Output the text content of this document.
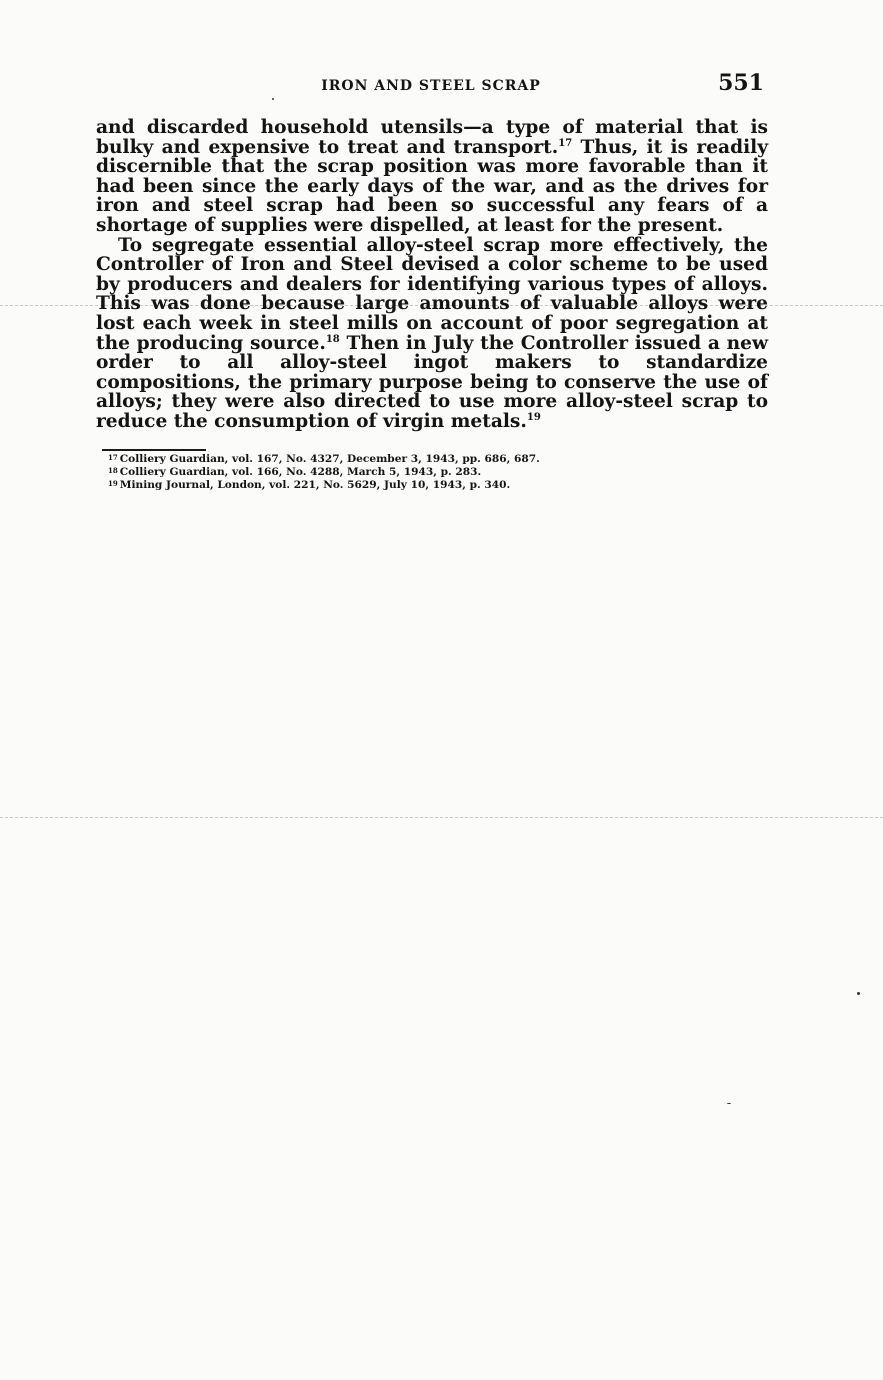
IRON AND STEEL SCRAP	551

and discarded household utensils—a type of material that is bulky and expensive to treat and transport.$^{17}$ Thus, it is readily discernible that the scrap position was more favorable than it had been since the early days of the war, and as the drives for iron and steel scrap had been so successful any fears of a shortage of supplies were dispelled, at least for the present.

To segregate essential alloy-steel scrap more effectively, the Controller of Iron and Steel devised a color scheme to be used by producers and dealers for identifying various types of alloys. This was done because large amounts of valuable alloys were lost each week in steel mills on account of poor segregation at the producing source.$^{18}$ Then in July the Controller issued a new order to all alloy-steel ingot makers to standardize compositions, the primary purpose being to conserve the use of alloys; they were also directed to use more alloy-steel scrap to reduce the consumption of virgin metals.$^{19}$

17 Colliery Guardian, vol. 167, No. 4327, December 3, 1943, pp. 686, 687.
18 Colliery Guardian, vol. 166, No. 4288, March 5, 1943, p. 283.
19 Mining Journal, London, vol. 221, No. 5629, July 10, 1943, p. 340.
